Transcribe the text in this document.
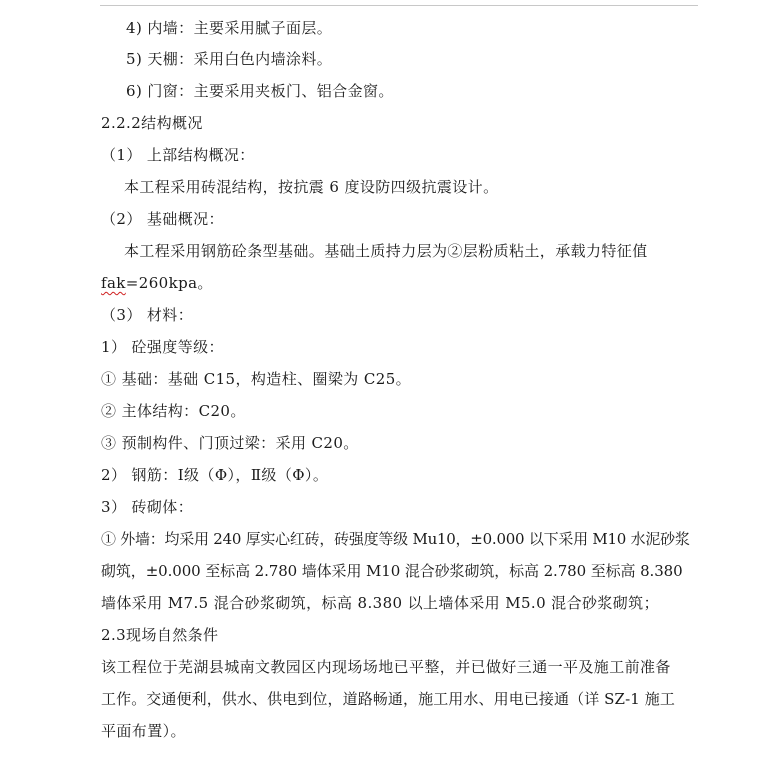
4) 内墙：主要采用腻子面层。
5) 天棚：采用白色内墙涂料。
6) 门窗：主要采用夹板门、铝合金窗。
2.2.2结构概况
（1） 上部结构概况：
本工程采用砖混结构，按抗震 6 度设防四级抗震设计。
（2） 基础概况：
本工程采用钢筋砼条型基础。基础土质持力层为②层粉质粘土，承载力特征值
fak=260kpa。
（3） 材料：
1） 砼强度等级：
① 基础：基础 C15，构造柱、圈梁为 C25。
② 主体结构：C20。
③ 预制构件、门顶过梁：采用 C20。
2） 钢筋：Ⅰ级（Φ），Ⅱ级（Φ）。
3） 砖砌体：
① 外墙：均采用 240 厚实心红砖，砖强度等级 Mu10，±0.000 以下采用 M10 水泥砂浆
砌筑，±0.000 至标高 2.780 墙体采用 M10 混合砂浆砌筑，标高 2.780 至标高 8.380
墙体采用 M7.5 混合砂浆砌筑，标高 8.380 以上墙体采用 M5.0 混合砂浆砌筑；
2.3现场自然条件
该工程位于芜湖县城南文教园区内现场场地已平整，并已做好三通一平及施工前准备
工作。交通便利，供水、供电到位，道路畅通，施工用水、用电已接通（详 SZ-1 施工
平面布置）。
